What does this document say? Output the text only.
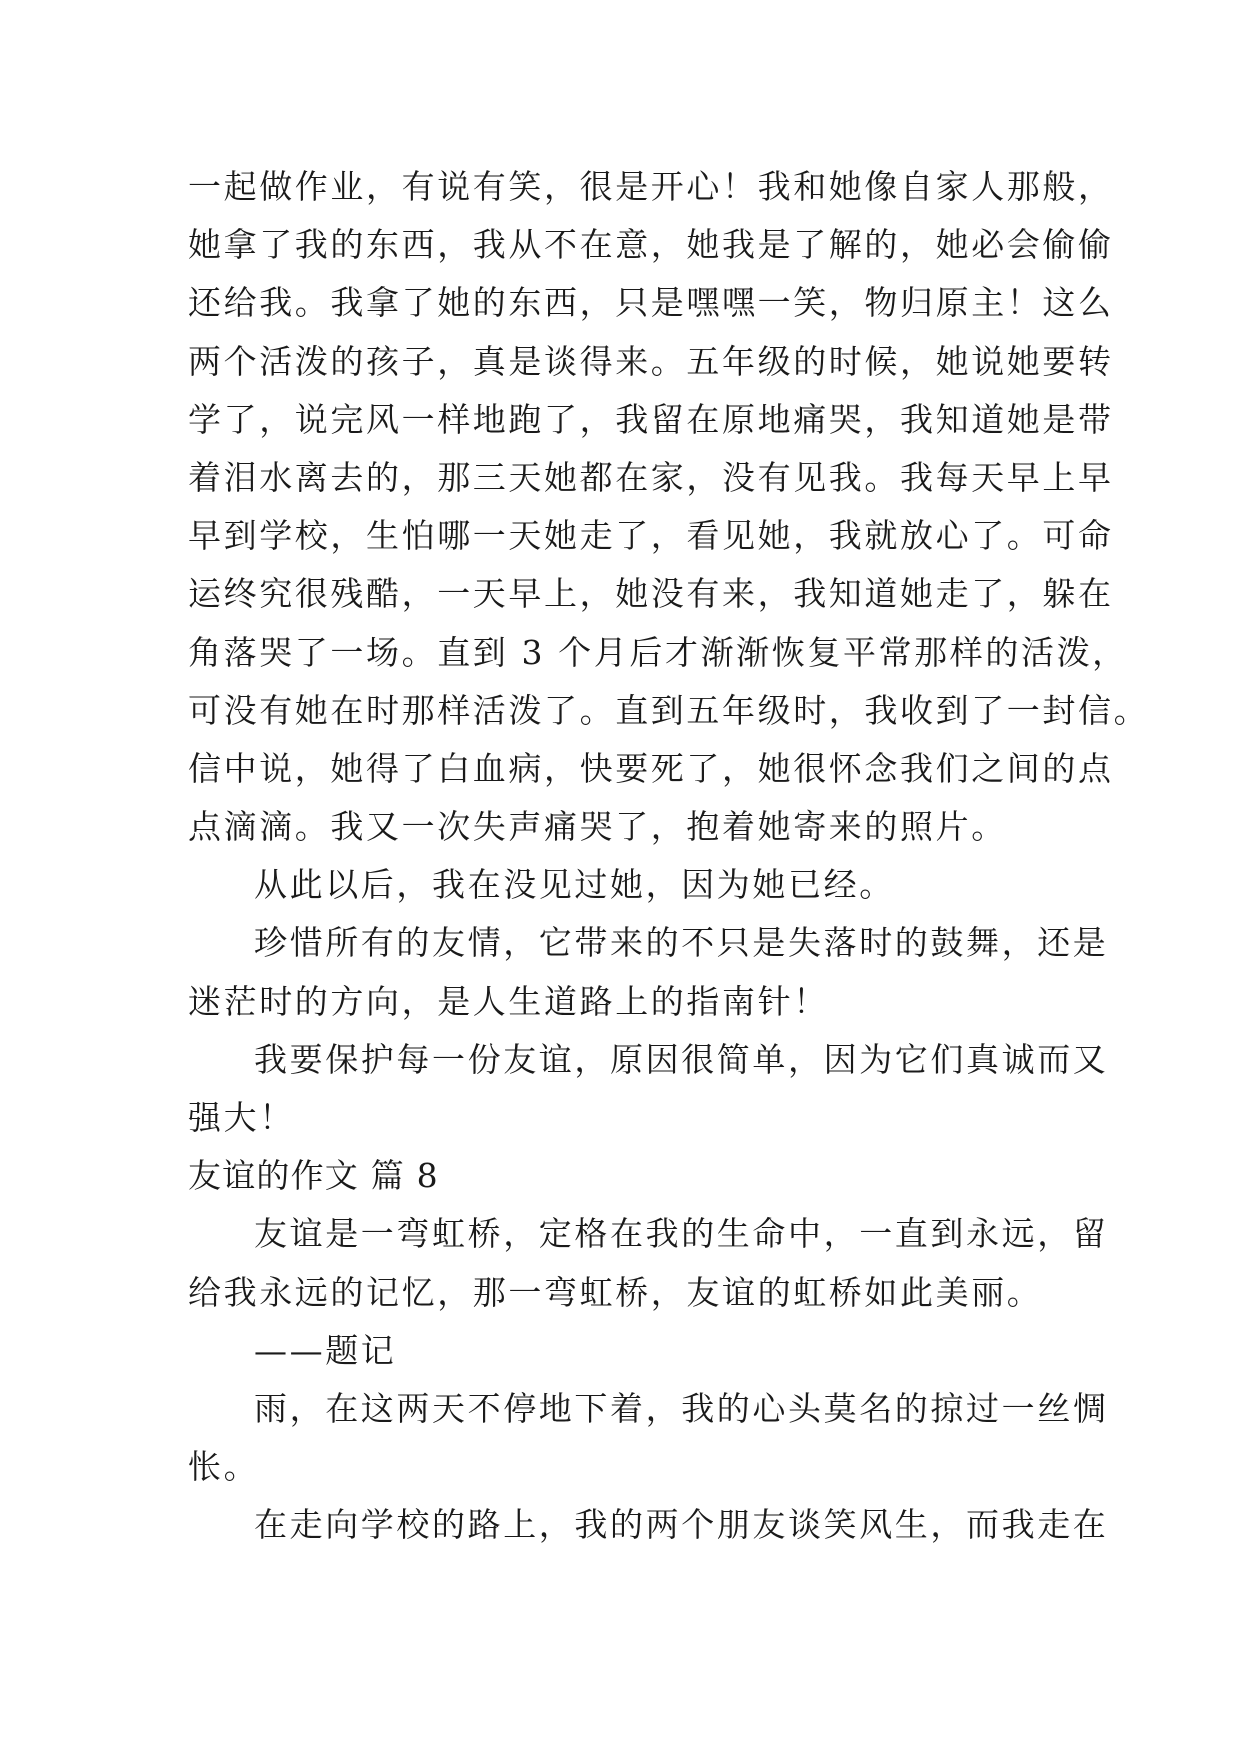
一起做作业，有说有笑，很是开心！我和她像自家人那般，
她拿了我的东西，我从不在意，她我是了解的，她必会偷偷
还给我。我拿了她的东西，只是嘿嘿一笑，物归原主！这么
两个活泼的孩子，真是谈得来。五年级的时候，她说她要转
学了，说完风一样地跑了，我留在原地痛哭，我知道她是带
着泪水离去的，那三天她都在家，没有见我。我每天早上早
早到学校，生怕哪一天她走了，看见她，我就放心了。可命
运终究很残酷，一天早上，她没有来，我知道她走了，躲在
角落哭了一场。直到 3 个月后才渐渐恢复平常那样的活泼，
可没有她在时那样活泼了。直到五年级时，我收到了一封信。
信中说，她得了白血病，快要死了，她很怀念我们之间的点
点滴滴。我又一次失声痛哭了，抱着她寄来的照片。
从此以后，我在没见过她，因为她已经。
珍惜所有的友情，它带来的不只是失落时的鼓舞，还是
迷茫时的方向，是人生道路上的指南针！
我要保护每一份友谊，原因很简单，因为它们真诚而又
强大！
友谊的作文 篇 8
友谊是一弯虹桥，定格在我的生命中，一直到永远，留
给我永远的记忆，那一弯虹桥，友谊的虹桥如此美丽。
——题记
雨，在这两天不停地下着，我的心头莫名的掠过一丝惆
怅。
在走向学校的路上，我的两个朋友谈笑风生，而我走在
